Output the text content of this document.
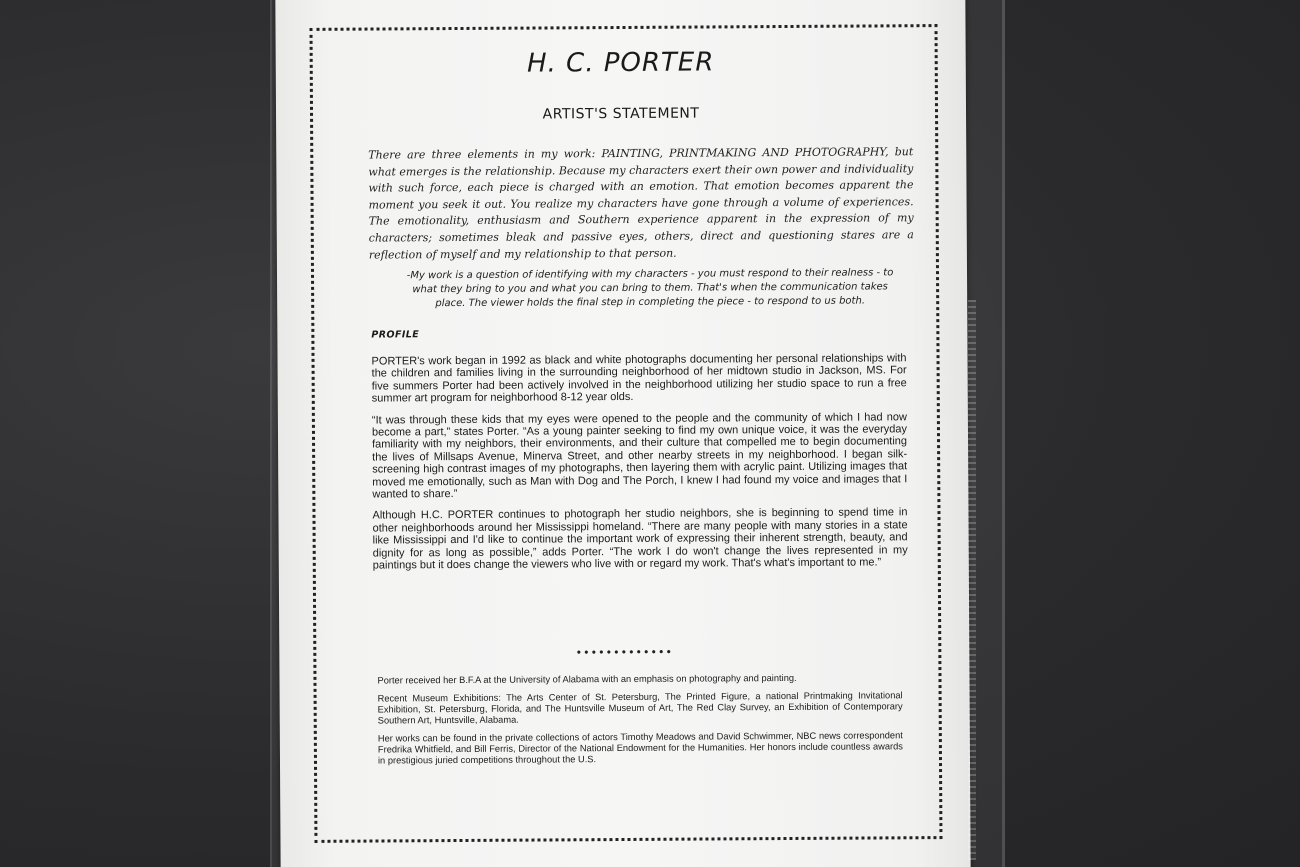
H. C. PORTER
ARTIST'S STATEMENT
There are three elements in my work: PAINTING, PRINTMAKING AND PHOTOGRAPHY, but what emerges is the relationship. Because my characters exert their own power and individuality with such force, each piece is charged with an emotion. That emotion becomes apparent the moment you seek it out. You realize my characters have gone through a volume of experiences. The emotionality, enthusiasm and Southern experience apparent in the expression of my characters; sometimes bleak and passive eyes, others, direct and questioning stares are a reflection of myself and my relationship to that person.
-My work is a question of identifying with my characters - you must respond to their realness - to what they bring to you and what you can bring to them. That's when the communication takes place. The viewer holds the final step in completing the piece - to respond to us both.
PROFILE

PORTER's work began in 1992 as black and white photographs documenting her personal relationships with the children and families living in the surrounding neighborhood of her midtown studio in Jackson, MS. For five summers Porter had been actively involved in the neighborhood utilizing her studio space to run a free summer art program for neighborhood 8-12 year olds.

“It was through these kids that my eyes were opened to the people and the community of which I had now become a part,” states Porter. “As a young painter seeking to find my own unique voice, it was the everyday familiarity with my neighbors, their environments, and their culture that compelled me to begin documenting the lives of Millsaps Avenue, Minerva Street, and other nearby streets in my neighborhood. I began silk-screening high contrast images of my photographs, then layering them with acrylic paint. Utilizing images that moved me emotionally, such as Man with Dog and The Porch, I knew I had found my voice and images that I wanted to share.”

Although H.C. PORTER continues to photograph her studio neighbors, she is beginning to spend time in other neighborhoods around her Mississippi homeland. “There are many people with many stories in a state like Mississippi and I'd like to continue the important work of expressing their inherent strength, beauty, and dignity for as long as possible,” adds Porter. “The work I do won't change the lives represented in my paintings but it does change the viewers who live with or regard my work. That's what's important to me.”

•••••••••••••

Porter received her B.F.A at the University of Alabama with an emphasis on photography and painting.

Recent Museum Exhibitions: The Arts Center of St. Petersburg, The Printed Figure, a national Printmaking Invitational Exhibition, St. Petersburg, Florida, and The Huntsville Museum of Art, The Red Clay Survey, an Exhibition of Contemporary Southern Art, Huntsville, Alabama.

Her works can be found in the private collections of actors Timothy Meadows and David Schwimmer, NBC news correspondent Fredrika Whitfield, and Bill Ferris, Director of the National Endowment for the Humanities. Her honors include countless awards in prestigious juried competitions throughout the U.S.
